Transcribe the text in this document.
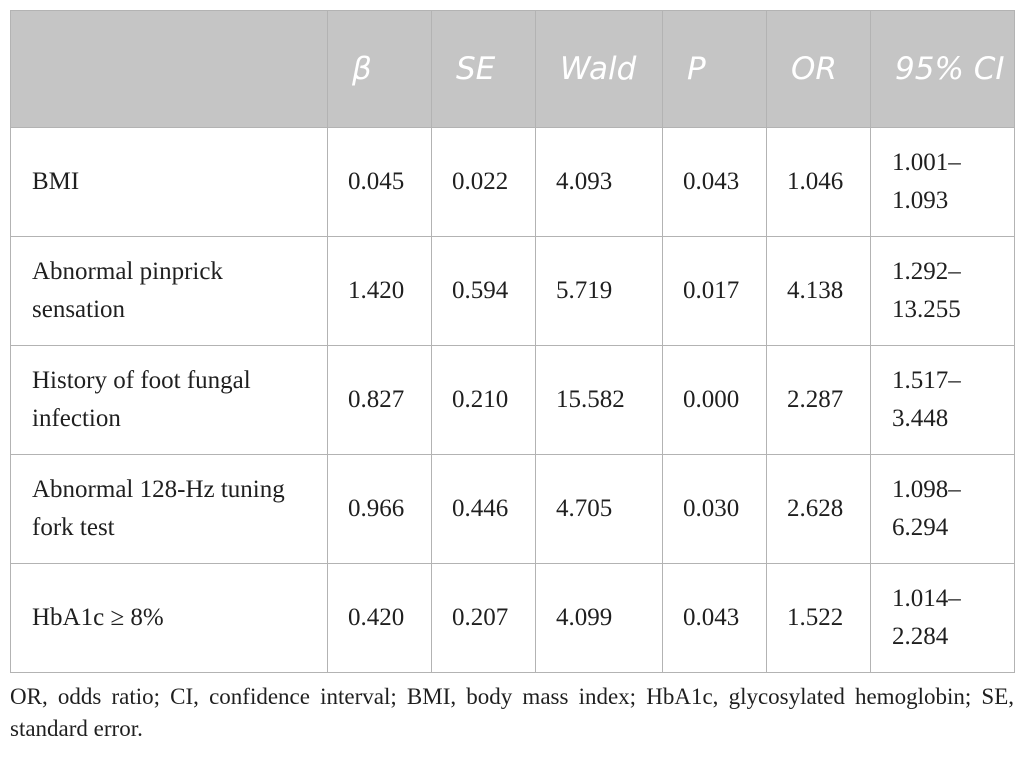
	β	SE	Wald	P	OR	95% CI
BMI	0.045	0.022	4.093	0.043	1.046	1.001–1.093
Abnormal pinprick sensation	1.420	0.594	5.719	0.017	4.138	1.292–13.255
History of foot fungal infection	0.827	0.210	15.582	0.000	2.287	1.517–3.448
Abnormal 128-Hz tuning fork test	0.966	0.446	4.705	0.030	2.628	1.098–6.294
HbA1c ≥ 8%	0.420	0.207	4.099	0.043	1.522	1.014–2.284
OR, odds ratio; CI, confidence interval; BMI, body mass index; HbA1c, glycosylated hemoglobin; SE, standard error.
